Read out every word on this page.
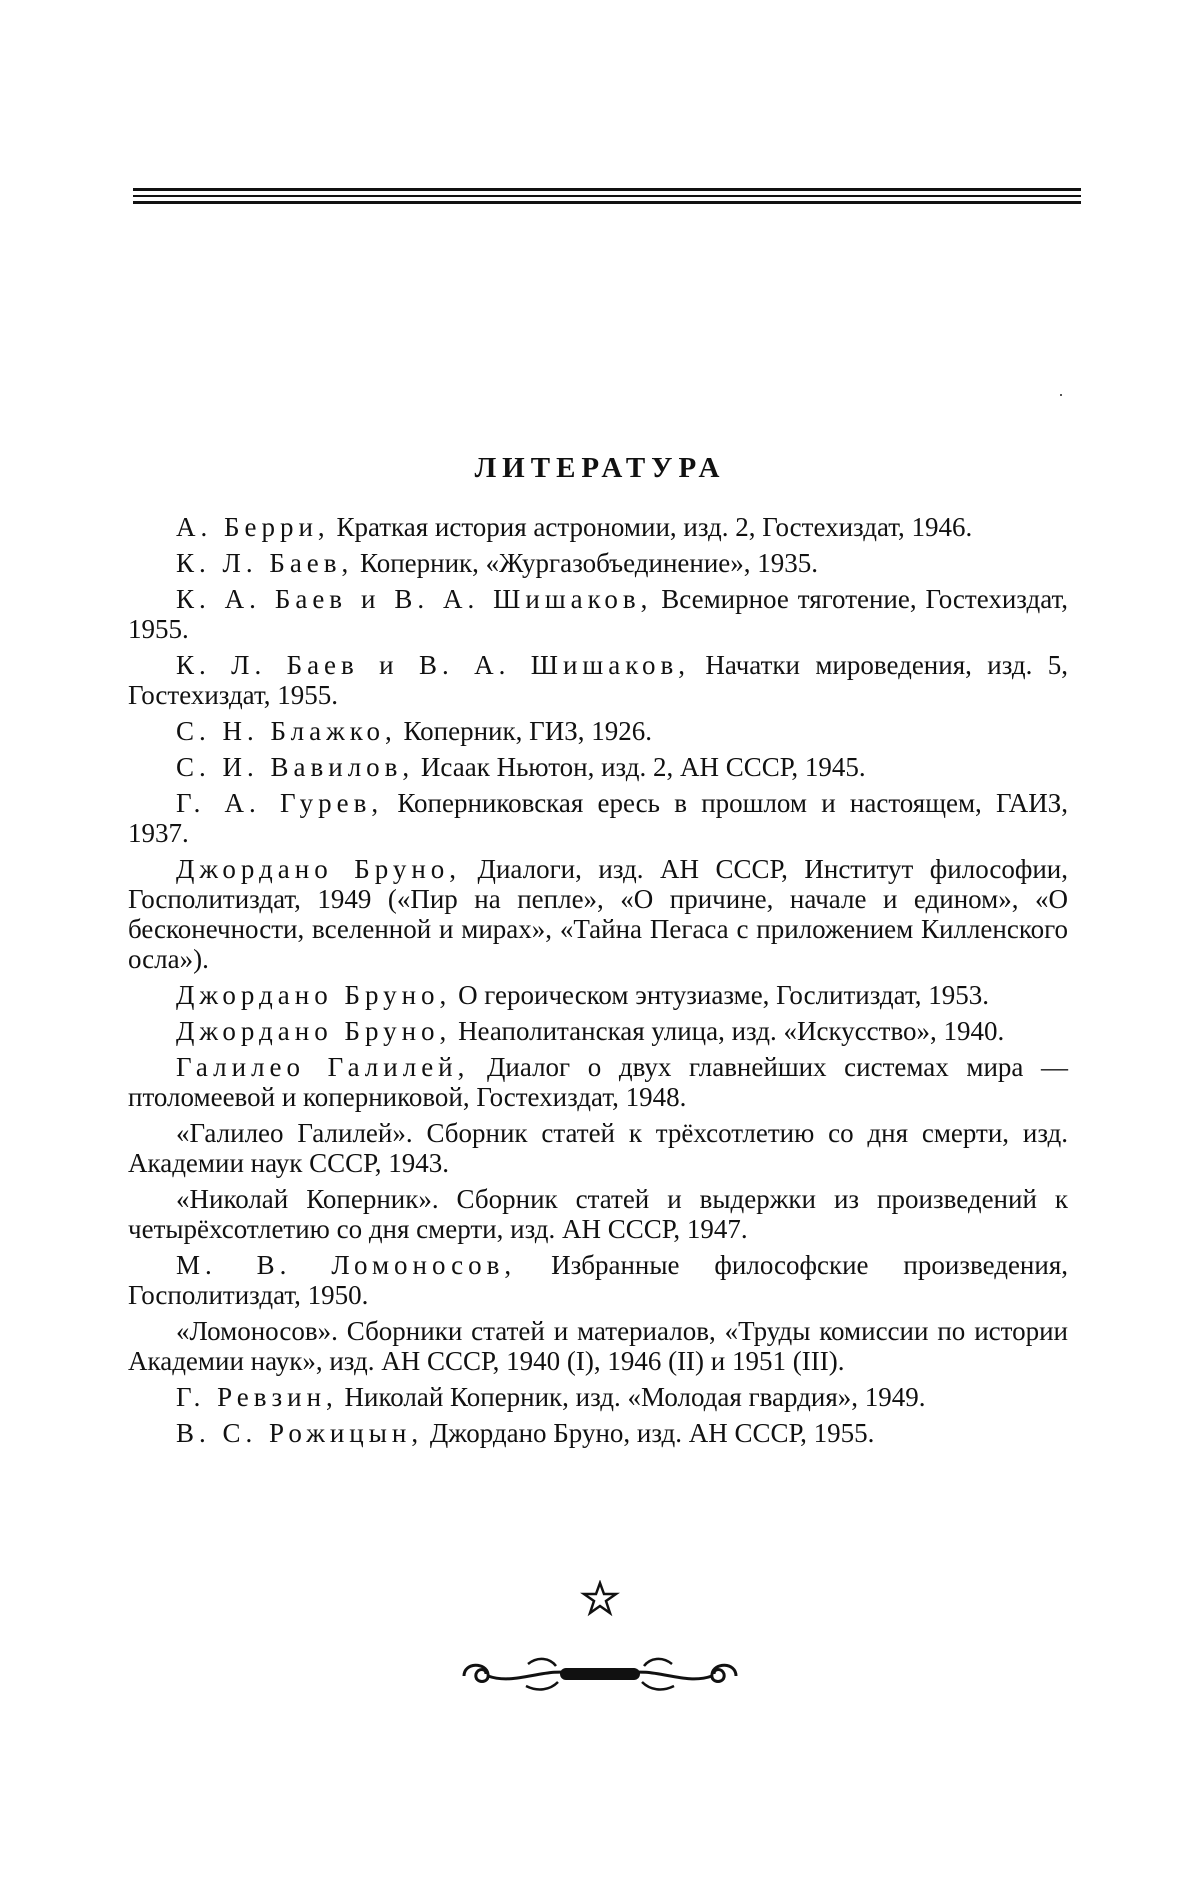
ЛИТЕРАТУРА

А. Берри, Краткая история астрономии, изд. 2, Гостехиздат, 1946.

К. Л. Баев, Коперник, «Жургазобъединение», 1935.

К. А. Баев и В. А. Шишаков, Всемирное тяготение, Гостехиздат, 1955.

К. Л. Баев и В. А. Шишаков, Начатки мироведения, изд. 5, Гостехиздат, 1955.

С. Н. Блажко, Коперник, ГИЗ, 1926.

С. И. Вавилов, Исаак Ньютон, изд. 2, АН СССР, 1945.

Г. А. Гурев, Коперниковская ересь в прошлом и настоящем, ГАИЗ, 1937.

Джордано Бруно, Диалоги, изд. АН СССР, Институт философии, Госполитиздат, 1949 («Пир на пепле», «О причине, начале и едином», «О бесконечности, вселенной и мирах», «Тайна Пегаса с приложением Килленского осла»).

Джордано Бруно, О героическом энтузиазме, Гослитиздат, 1953.

Джордано Бруно, Неаполитанская улица, изд. «Искусство», 1940.

Галилео Галилей, Диалог о двух главнейших системах мира — птоломеевой и коперниковой, Гостехиздат, 1948.

«Галилео Галилей». Сборник статей к трёхсотлетию со дня смерти, изд. Академии наук СССР, 1943.

«Николай Коперник». Сборник статей и выдержки из произведений к четырёхсотлетию со дня смерти, изд. АН СССР, 1947.

М. В. Ломоносов, Избранные философские произведения, Госполитиздат, 1950.

«Ломоносов». Сборники статей и материалов, «Труды комиссии по истории Академии наук», изд. АН СССР, 1940 (I), 1946 (II) и 1951 (III).

Г. Ревзин, Николай Коперник, изд. «Молодая гвардия», 1949.

В. С. Рожицын, Джордано Бруно, изд. АН СССР, 1955.
